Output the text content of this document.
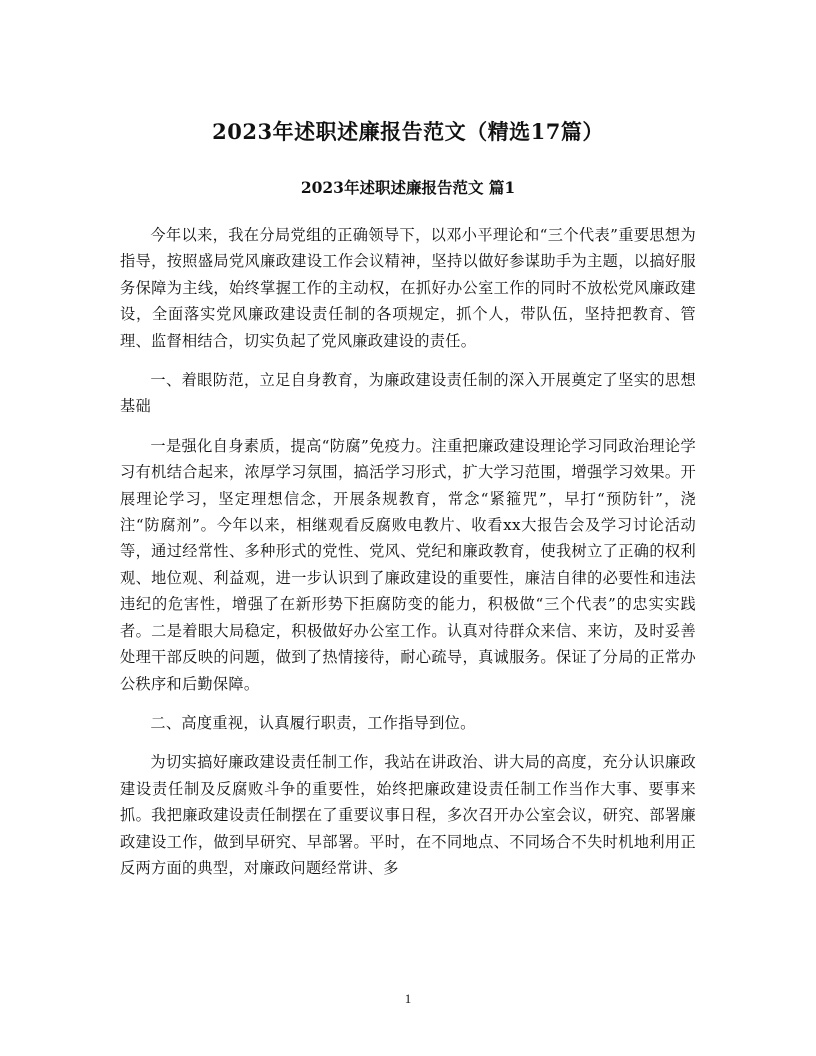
2023年述职述廉报告范文（精选17篇）
2023年述职述廉报告范文 篇1

今年以来，我在分局党组的正确领导下，以邓小平理论和“三个代表”重要思想为指导，按照盛局党风廉政建设工作会议精神，坚持以做好参谋助手为主题，以搞好服务保障为主线，始终掌握工作的主动权，在抓好办公室工作的同时不放松党风廉政建设，全面落实党风廉政建设责任制的各项规定，抓个人，带队伍，坚持把教育、管理、监督相结合，切实负起了党风廉政建设的责任。

一、着眼防范，立足自身教育，为廉政建设责任制的深入开展奠定了坚实的思想基础

一是强化自身素质，提高“防腐”免疫力。注重把廉政建设理论学习同政治理论学习有机结合起来，浓厚学习氛围，搞活学习形式，扩大学习范围，增强学习效果。开展理论学习，坚定理想信念，开展条规教育，常念“紧箍咒”，早打“预防针”，浇注“防腐剂”。今年以来，相继观看反腐败电教片、收看xx大报告会及学习讨论活动等，通过经常性、多种形式的党性、党风、党纪和廉政教育，使我树立了正确的权利观、地位观、利益观，进一步认识到了廉政建设的重要性，廉洁自律的必要性和违法违纪的危害性，增强了在新形势下拒腐防变的能力，积极做“三个代表”的忠实实践者。二是着眼大局稳定，积极做好办公室工作。认真对待群众来信、来访，及时妥善处理干部反映的问题，做到了热情接待，耐心疏导，真诚服务。保证了分局的正常办公秩序和后勤保障。

二、高度重视，认真履行职责，工作指导到位。

为切实搞好廉政建设责任制工作，我站在讲政治、讲大局的高度，充分认识廉政建设责任制及反腐败斗争的重要性，始终把廉政建设责任制工作当作大事、要事来抓。我把廉政建设责任制摆在了重要议事日程，多次召开办公室会议，研究、部署廉政建设工作，做到早研究、早部署。平时，在不同地点、不同场合不失时机地利用正反两方面的典型，对廉政问题经常讲、多

1
